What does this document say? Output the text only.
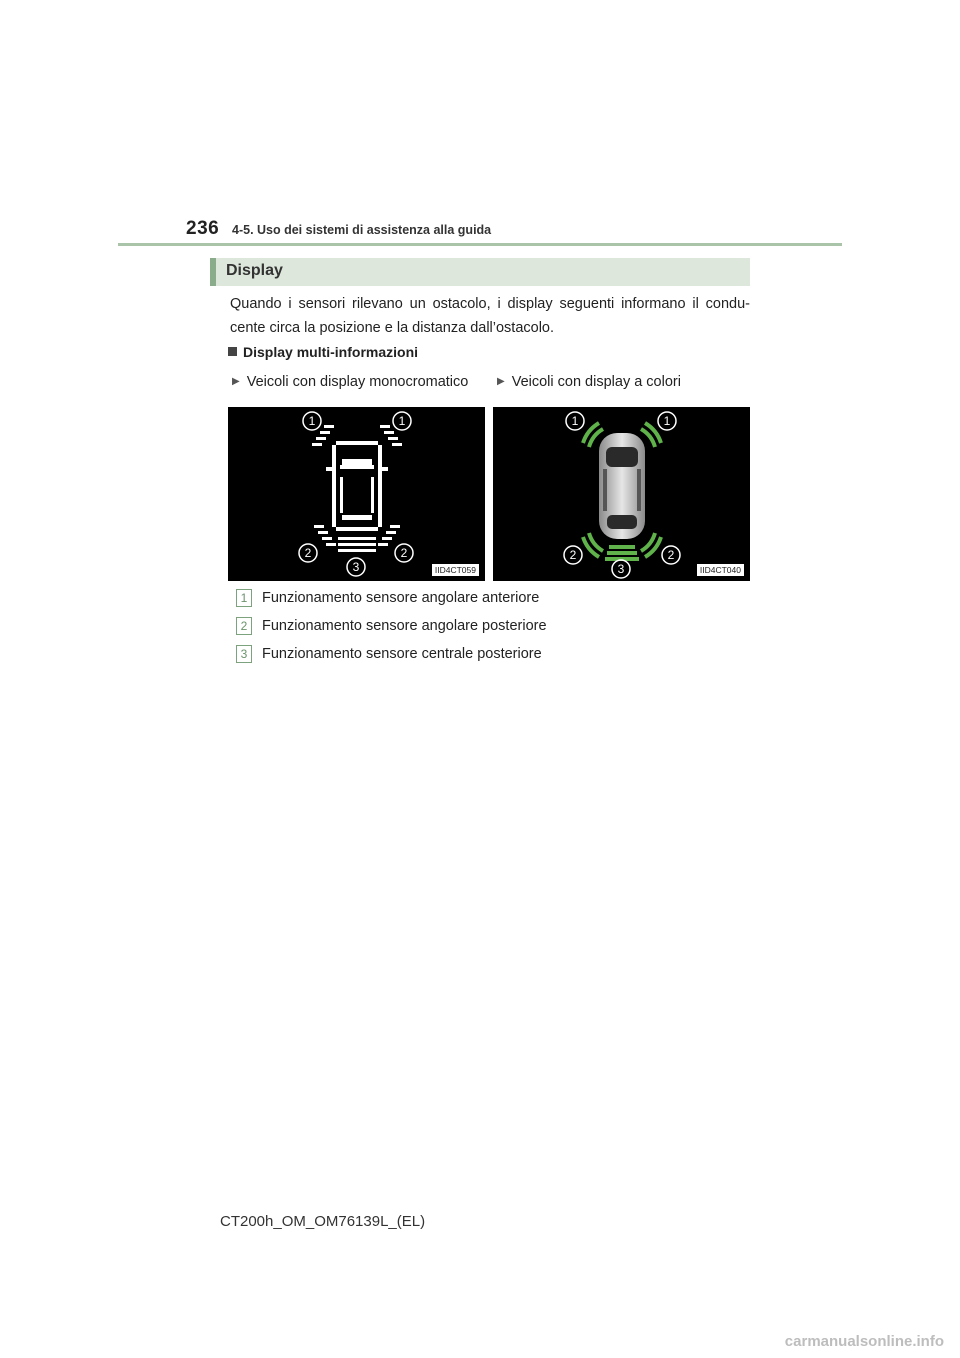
236 4-5. Uso dei sistemi di assistenza alla guida
Display
Quando i sensori rilevano un ostacolo, i display seguenti informano il condu-cente circa la posizione e la distanza dall’ostacolo.
Display multi-informazioni
▶ Veicoli con display monocromatico	▶ Veicoli con display a colori
1	1
2	2
3	IID4CT059
1	1
2	2
3	IID4CT040
1 Funzionamento sensore angolare anteriore
2 Funzionamento sensore angolare posteriore
3 Funzionamento sensore centrale posteriore
CT200h_OM_OM76139L_(EL)
carmanualsonline.info
